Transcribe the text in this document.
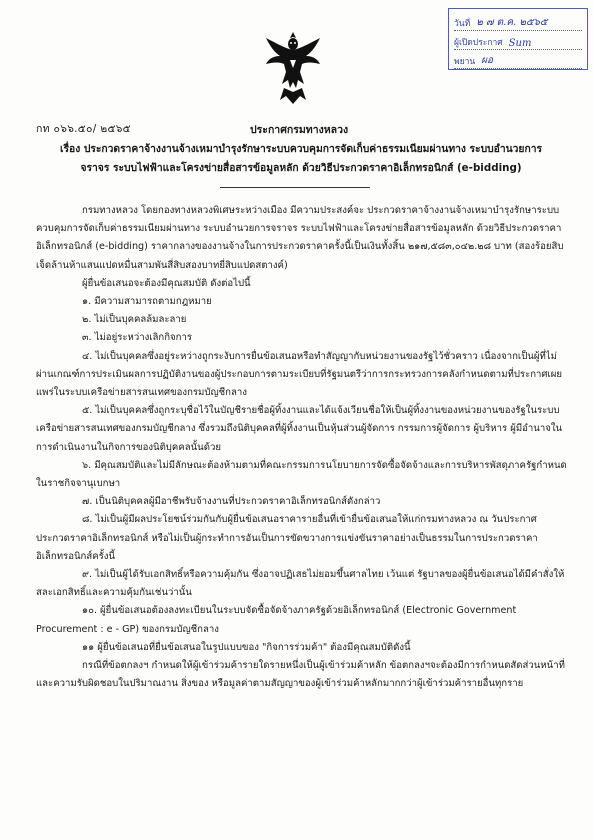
วันที่ ๒ ๗ ต.ค. ๒๕๖๕
ผู้เปิดประกาศ Sum
พยาน ผอ
กท ๐๖๖.๕๐/ ๒๕๖๕	ประกาศกรมทางหลวง
เรื่อง ประกวดราคาจ้างงานจ้างเหมาบำรุงรักษาระบบควบคุมการจัดเก็บค่าธรรมเนียมผ่านทาง ระบบอำนวยการ
จราจร ระบบไฟฟ้าและโครงข่ายสื่อสารข้อมูลหลัก ด้วยวิธีประกวดราคาอิเล็กทรอนิกส์ (e-bidding)

กรมทางหลวง โดยกองทางหลวงพิเศษระหว่างเมือง มีความประสงค์จะ ประกวดราคาจ้างงานจ้างเหมาบำรุงรักษาระบบควบคุมการจัดเก็บค่าธรรมเนียมผ่านทาง ระบบอำนวยการจราจร ระบบไฟฟ้าและโครงข่ายสื่อสารข้อมูลหลัก ด้วยวิธีประกวดราคาอิเล็กทรอนิกส์ (e-bidding) ราคากลางของงานจ้างในการประกวดราคาครั้งนี้เป็นเงินทั้งสิ้น ๒๑๗,๕๘๓,๐๔๒.๒๘ บาท (สองร้อยสิบเจ็ดล้านห้าแสนแปดหมื่นสามพันสี่สิบสองบาทยี่สิบแปดสตางค์)

ผู้ยื่นข้อเสนอจะต้องมีคุณสมบัติ ดังต่อไปนี้

๑. มีความสามารถตามกฎหมาย

๒. ไม่เป็นบุคคลล้มละลาย

๓. ไม่อยู่ระหว่างเลิกกิจการ

๔. ไม่เป็นบุคคลซึ่งอยู่ระหว่างถูกระงับการยื่นข้อเสนอหรือทำสัญญากับหน่วยงานของรัฐไว้ชั่วคราว เนื่องจากเป็นผู้ที่ไม่ผ่านเกณฑ์การประเมินผลการปฏิบัติงานของผู้ประกอบการตามระเบียบที่รัฐมนตรีว่าการกระทรวงการคลังกำหนดตามที่ประกาศเผยแพร่ในระบบเครือข่ายสารสนเทศของกรมบัญชีกลาง

๕. ไม่เป็นบุคคลซึ่งถูกระบุชื่อไว้ในบัญชีรายชื่อผู้ทิ้งงานและได้แจ้งเวียนชื่อให้เป็นผู้ทิ้งงานของหน่วยงานของรัฐในระบบเครือข่ายสารสนเทศของกรมบัญชีกลาง ซึ่งรวมถึงนิติบุคคลที่ผู้ทิ้งงานเป็นหุ้นส่วนผู้จัดการ กรรมการผู้จัดการ ผู้บริหาร ผู้มีอำนาจในการดำเนินงานในกิจการของนิติบุคคลนั้นด้วย

๖. มีคุณสมบัติและไม่มีลักษณะต้องห้ามตามที่คณะกรรมการนโยบายการจัดซื้อจัดจ้างและการบริหารพัสดุภาครัฐกำหนดในราชกิจจานุเบกษา

๗. เป็นนิติบุคคลผู้มีอาชีพรับจ้างงานที่ประกวดราคาอิเล็กทรอนิกส์ดังกล่าว

๘. ไม่เป็นผู้มีผลประโยชน์ร่วมกันกับผู้ยื่นข้อเสนอราคารายอื่นที่เข้ายื่นข้อเสนอให้แก่กรมทางหลวง ณ วันประกาศประกวดราคาอิเล็กทรอนิกส์ หรือไม่เป็นผู้กระทำการอันเป็นการขัดขวางการแข่งขันราคาอย่างเป็นธรรมในการประกวดราคาอิเล็กทรอนิกส์ครั้งนี้

๙. ไม่เป็นผู้ได้รับเอกสิทธิ์หรือความคุ้มกัน ซึ่งอาจปฏิเสธไม่ยอมขึ้นศาลไทย เว้นแต่ รัฐบาลของผู้ยื่นข้อเสนอได้มีคำสั่งให้สละเอกสิทธิ์และความคุ้มกันเช่นว่านั้น

๑๐. ผู้ยื่นข้อเสนอต้องลงทะเบียนในระบบจัดซื้อจัดจ้างภาครัฐด้วยอิเล็กทรอนิกส์ (Electronic Government Procurement : e - GP) ของกรมบัญชีกลาง

๑๑ ผู้ยื่นข้อเสนอที่ยื่นข้อเสนอในรูปแบบของ "กิจการร่วมค้า" ต้องมีคุณสมบัติดังนี้

กรณีที่ข้อตกลงฯ กำหนดให้ผู้เข้าร่วมค้ารายใดรายหนึ่งเป็นผู้เข้าร่วมค้าหลัก ข้อตกลงฯจะต้องมีการกำหนดสัดส่วนหน้าที่ และความรับผิดชอบในปริมาณงาน สิ่งของ หรือมูลค่าตามสัญญาของผู้เข้าร่วมค้าหลักมากกว่าผู้เข้าร่วมค้ารายอื่นทุกราย
